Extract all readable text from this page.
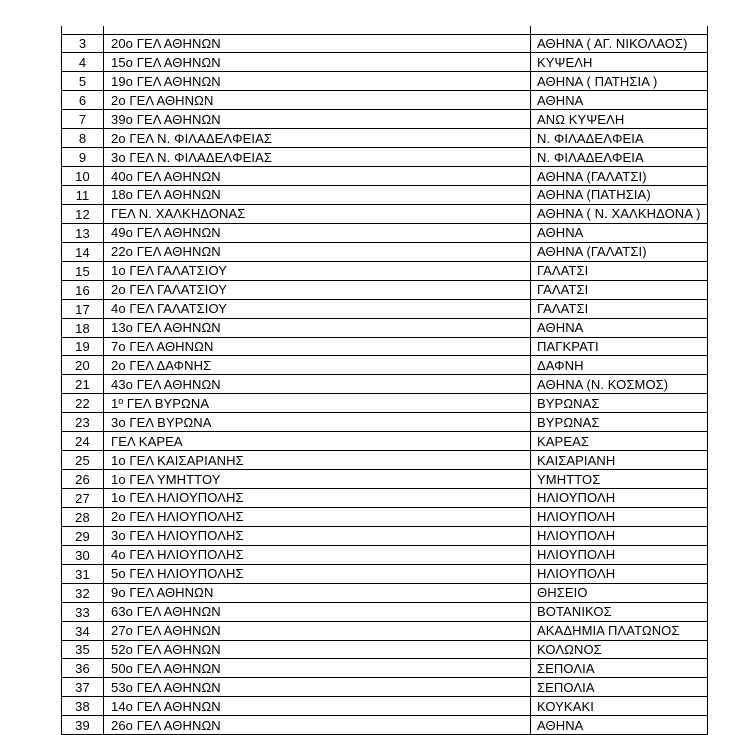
3	20ο ΓΕΛ ΑΘΗΝΩΝ	ΑΘΗΝΑ ( ΑΓ. ΝΙΚΟΛΑΟΣ)
4	15ο ΓΕΛ ΑΘΗΝΩΝ	ΚΥΨΕΛΗ
5	19ο ΓΕΛ ΑΘΗΝΩΝ	ΑΘΗΝΑ ( ΠΑΤΗΣΙΑ )
6	2ο ΓΕΛ ΑΘΗΝΩΝ	ΑΘΗΝΑ
7	39ο ΓΕΛ ΑΘΗΝΩΝ	ΑΝΩ ΚΥΨΕΛΗ
8	2ο ΓΕΛ Ν. ΦΙΛΑΔΕΛΦΕΙΑΣ	Ν. ΦΙΛΑΔΕΛΦΕΙΑ
9	3ο ΓΕΛ Ν. ΦΙΛΑΔΕΛΦΕΙΑΣ	Ν. ΦΙΛΑΔΕΛΦΕΙΑ
10	40ο ΓΕΛ ΑΘΗΝΩΝ	ΑΘΗΝΑ (ΓΑΛΑΤΣΙ)
11	18ο ΓΕΛ ΑΘΗΝΩΝ	ΑΘΗΝΑ (ΠΑΤΗΣΙΑ)
12	ΓΕΛ Ν. ΧΑΛΚΗΔΟΝΑΣ	ΑΘΗΝΑ ( Ν. ΧΑΛΚΗΔΟΝΑ )
13	49ο ΓΕΛ ΑΘΗΝΩΝ	ΑΘΗΝΑ
14	22ο ΓΕΛ ΑΘΗΝΩΝ	ΑΘΗΝΑ (ΓΑΛΑΤΣΙ)
15	1ο ΓΕΛ ΓΑΛΑΤΣΙΟΥ	ΓΑΛΑΤΣΙ
16	2ο ΓΕΛ ΓΑΛΑΤΣΙΟΥ	ΓΑΛΑΤΣΙ
17	4ο ΓΕΛ ΓΑΛΑΤΣΙΟΥ	ΓΑΛΑΤΣΙ
18	13ο ΓΕΛ ΑΘΗΝΩΝ	ΑΘΗΝΑ
19	7ο ΓΕΛ ΑΘΗΝΩΝ	ΠΑΓΚΡΑΤΙ
20	2ο ΓΕΛ ΔΑΦΝΗΣ	ΔΑΦΝΗ
21	43ο ΓΕΛ ΑΘΗΝΩΝ	ΑΘΗΝΑ (Ν. ΚΟΣΜΟΣ)
22	1º ΓΕΛ ΒΥΡΩΝΑ	ΒΥΡΩΝΑΣ
23	3ο ΓΕΛ ΒΥΡΩΝΑ	ΒΥΡΩΝΑΣ
24	ΓΕΛ ΚΑΡΕΑ	ΚΑΡΕΑΣ
25	1ο ΓΕΛ ΚΑΙΣΑΡΙΑΝΗΣ	ΚΑΙΣΑΡΙΑΝΗ
26	1ο ΓΕΛ ΥΜΗΤΤΟΥ	ΥΜΗΤΤΟΣ
27	1ο ΓΕΛ ΗΛΙΟΥΠΟΛΗΣ	ΗΛΙΟΥΠΟΛΗ
28	2ο ΓΕΛ ΗΛΙΟΥΠΟΛΗΣ	ΗΛΙΟΥΠΟΛΗ
29	3ο ΓΕΛ ΗΛΙΟΥΠΟΛΗΣ	ΗΛΙΟΥΠΟΛΗ
30	4ο ΓΕΛ ΗΛΙΟΥΠΟΛΗΣ	ΗΛΙΟΥΠΟΛΗ
31	5ο ΓΕΛ ΗΛΙΟΥΠΟΛΗΣ	ΗΛΙΟΥΠΟΛΗ
32	9ο ΓΕΛ ΑΘΗΝΩΝ	ΘΗΣΕΙΟ
33	63ο ΓΕΛ ΑΘΗΝΩΝ	ΒΟΤΑΝΙΚΟΣ
34	27ο ΓΕΛ ΑΘΗΝΩΝ	ΑΚΑΔΗΜΙΑ ΠΛΑΤΩΝΟΣ
35	52ο ΓΕΛ ΑΘΗΝΩΝ	ΚΟΛΩΝΟΣ
36	50ο ΓΕΛ ΑΘΗΝΩΝ	ΣΕΠΟΛΙΑ
37	53ο ΓΕΛ ΑΘΗΝΩΝ	ΣΕΠΟΛΙΑ
38	14ο ΓΕΛ ΑΘΗΝΩΝ	ΚΟΥΚΑΚΙ
39	26ο ΓΕΛ ΑΘΗΝΩΝ	ΑΘΗΝΑ
